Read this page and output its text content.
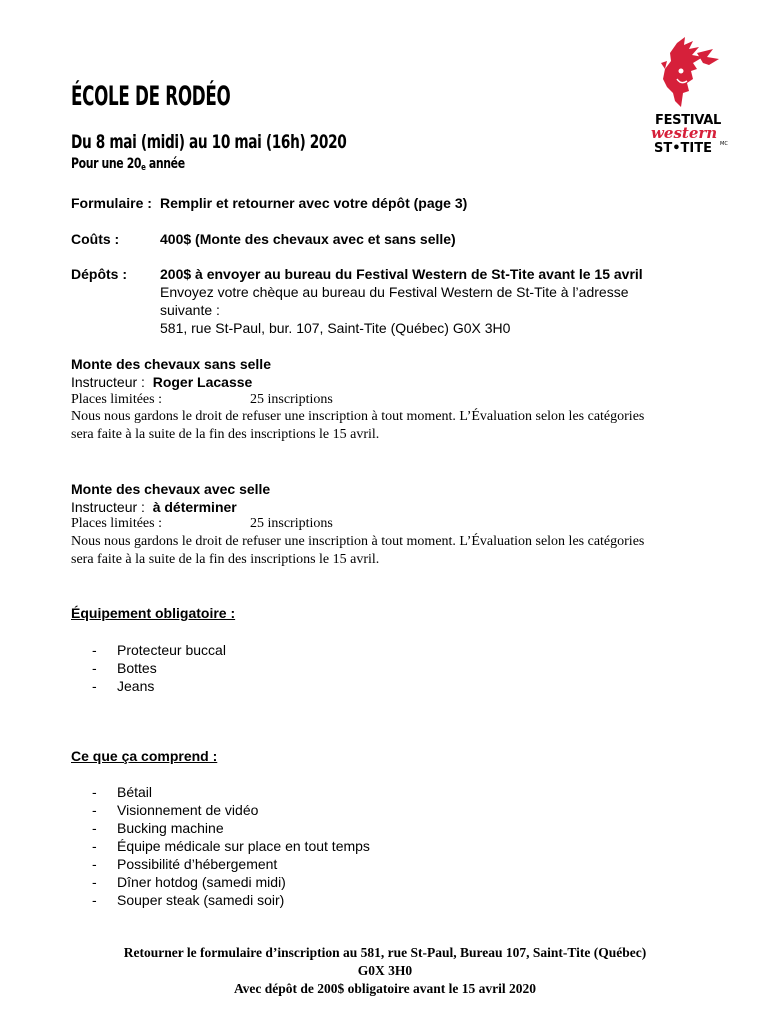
ÉCOLE DE RODÉO
Du 8 mai (midi) au 10 mai (16h) 2020
Pour une $20_e$ année
FESTIVAL
western
ST•TITE MC
Formulaire : Remplir et retourner avec votre dépôt (page 3)
Coûts :	400$ (Monte des chevaux avec et sans selle)
Dépôts : 200$ à envoyer au bureau du Festival Western de St-Tite avant le 15 avril
Envoyez votre chèque au bureau du Festival Western de St-Tite à l’adresse
suivante :
581, rue St-Paul, bur. 107, Saint-Tite (Québec) G0X 3H0
Monte des chevaux sans selle
Instructeur : Roger Lacasse
Places limitées :	25 inscriptions
Nous nous gardons le droit de refuser une inscription à tout moment. L’Évaluation selon les catégories
sera faite à la suite de la fin des inscriptions le 15 avril.
Monte des chevaux avec selle
Instructeur : à déterminer
Places limitées :	25 inscriptions
Nous nous gardons le droit de refuser une inscription à tout moment. L’Évaluation selon les catégories
sera faite à la suite de la fin des inscriptions le 15 avril.
Équipement obligatoire :
- Protecteur buccal
- Bottes
- Jeans
Ce que ça comprend :
- Bétail
- Visionnement de vidéo
- Bucking machine
- Équipe médicale sur place en tout temps
- Possibilité d’hébergement
- Dîner hotdog (samedi midi)
- Souper steak (samedi soir)
Retourner le formulaire d’inscription au 581, rue St-Paul, Bureau 107, Saint-Tite (Québec)
G0X 3H0
Avec dépôt de 200$ obligatoire avant le 15 avril 2020
